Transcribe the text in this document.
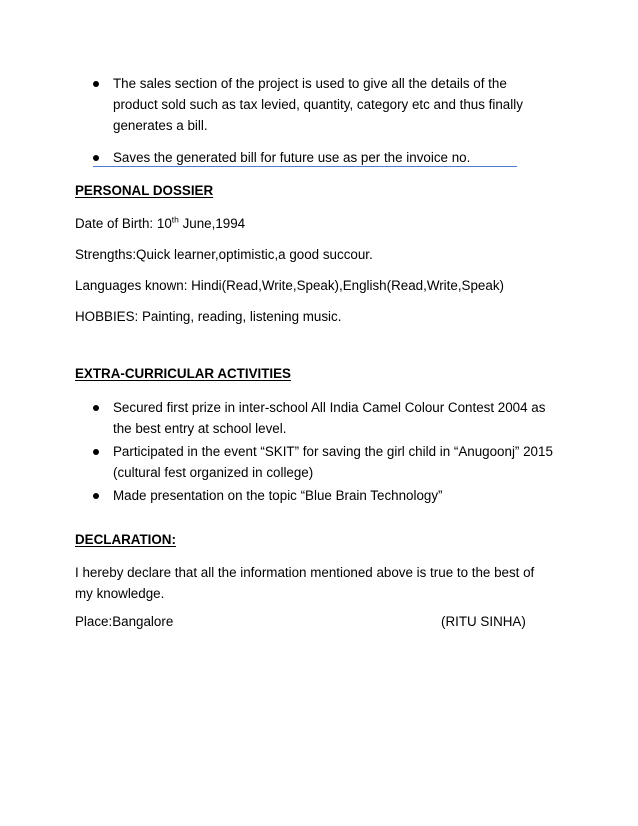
The sales section of the project is used to give all the details of the product sold such as tax levied, quantity, category etc and thus finally generates a bill.
Saves the generated bill for future use as per the invoice no.
PERSONAL DOSSIER
Date of Birth: 10th June,1994
Strengths:Quick learner,optimistic,a good succour.
Languages known: Hindi(Read,Write,Speak),English(Read,Write,Speak)
HOBBIES: Painting, reading, listening music.
EXTRA-CURRICULAR ACTIVITIES
Secured first prize in inter-school All India Camel Colour Contest 2004 as the best entry at school level.
Participated in the event “SKIT” for saving the girl child in “Anugoonj” 2015 (cultural fest organized in college)
Made presentation on the topic “Blue Brain Technology”
DECLARATION:
I hereby declare that all the information mentioned above is true to the best of my knowledge.
Place:Bangalore	(RITU SINHA)
